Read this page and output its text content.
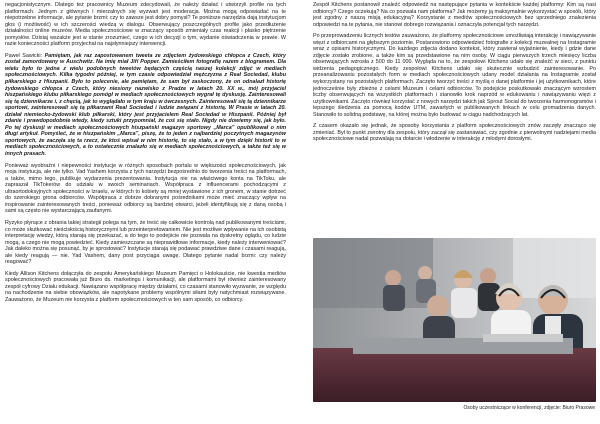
negacjonistycznym. Dlatego też pracownicy Muzeum zdecydowali, że należy działać i utworzyli profile na tych platformach. Jednym z głównych i mierzalnych się wyzwań jest moderacja. Można mogą odpowiadać na te niepotrzebne informacje, ale pytanie brzmi: czy to zawsze jest dobry pomysł? Te poniższe narzędzia dają instytucjom głos (i możliwość) w ich szczerości wiedzą w dialogu. Obserwujący poszczególnych profile jako przedłużenie działalności online muzeów. Media społecznościowe w znaczący sposób zmieniały czas reakcji i płasko piętrzenie pomysłów. Dzisiaj wszakże jest w stanie zrozumieć, czego w ich decyzji o tym, wydanie oświadczenia w prawie. W razie konieczności platform przyjechał na najsłynniejszy interwencji.

Paweł Sawicki: Pamiętam, jak raz zapostowanem tweeta ze zdjęciem żydowskiego chłopca z Czech, który został zamordowany w Auschwitz. Na imię miał Jiří Popper. Zamieściłem fotografię razem z biogramem. Dla wielu było to jedna z wielu podobnych tweetów będących częścią naszej kolekcji zdjęć w mediach społecznościowych. Kilka tygodni później, w tym czasie odpowiedział mężczyzna z Real Sociedad, klubu piłkarskiego z Hiszpanii. Było to polecenie, ale pamiętam, że sam był zaskoczony, że on odnalazł historię żydowskiego chłopca z Czech, który niesiony nazwisko z Pradze w latach 20. XX w., mój przyjaciel hiszpańskiego klubu piłkarskiego pomógł w mediach społecznościowych wygrał tę dyskusję. Zainteresowali się tą dziennikarze i, z chęcią, jak to wyglądało w tym kraju w ówczesnych. Zainteresowali się tą dziennikarze sportowi, zainteresowali się tą piłkarzami Real Sociedad i ludzie związani z historią. W Prasie w latach 20. działał niemiecko-żydowski klub piłkarski, który jest przyjacielem Real Sociedad w Hiszpanii. Później był zdanie i prawdopodobnie wtedy, kiedy sztuki przypomniał, że coś się stało. Nigdy nie dowiemy się, jak było. Po tej dyskusji w mediach społecznościowych hiszpański magazyn sportowy „Marca” opublikował o nim długi artykuł. Pomyśleć, że w hiszpańskim „Marca”, piszę, że to jeden z najbardziej poczytnych magazynów sportowych, że zaczęła się ta rzecz, że ktoś wpisał w nim historię, to się stało, a w tym dzięki historii to w mediach społecznościowych, a to ostatecznie znalazło się w mediach społecznościowych, a także też się w innych prasach.

Ponieważ wyobraźni i niepewności instytucje w różnych sposobach portalu w większości społecznościowych, jak moja instytucja, ale nie tylko. Vad Yashem korzysta z tych narzędzi bezpośrednio do tworzenia treści na platformach, a także, mimo tego, publikuje wydarzenia prezentowania. Instytucja nie na właściwego konta na TikToku, ale zapraszał TikTokerów do udziału w swoich seminariach. Współpraca z influencerami pochodzącymi z ultraortodoksyjnych społeczności w Izraelu, w których to kobiety są mniej wystawione z ich gronem, w stanie dotrzeć do szerokiego grona odbiorców. Współpraca z dobrze dobranymi pośrednikami może mieć znaczący wpływ na inspirowanie zainteresowanych treści, ponieważ odbiorcy są bardziej otwarci, jeżeli identyfikują się z daną osobą i sami są często nie wystarczającą zaufanymi.

Ryzyko płynące z obrania takiej strategii polega na tym, że treść się całkowicie kontrolą nad publikowanymi treściami, co może skutkować nieścisłością historycznymi lub przeinterpretowaniem. Nie jest możliwe wpływanie na ich osobistą interpretację wiedzy, którą starają się przekazać, a do tego to podejście nie pozwala na dyskretny oglądu, co ludzie mogą, a czego nie mogą powiedzieć. Kiedy zamieszczane są nieprawidłowe informacje, kiedy należy interweniować? Jak daleko można się posunąć, by je sprostować? Instytucje starają się podawać prawdziwe dane i czasami reagują, ale kiedy reagują — nie. Yad Vashem, dany post przyciąga uwagę. Dlatego pytanie nadal brzmi: czy należy reagować?

Kiedy Allison Kitchens dołączyła do zespołu Amerykańskiego Muzeum Pamięci o Holokauście, nie kwestia mediów społecznościowych pracowała już Biuro ds. marketingu i komunikacji, ale platformami był również zainteresowany zespół cyfrowy Działu edukacji. Nawiązano współpracę między działami, co czasami stanowiło wyzwanie, ze względu na nachodzenie na siebie obowiązków, ale napotykane problemy wspólnymi siłami były natychmiast rozwiązywane. Zauważono, że Muzeum nie korzysta z platform społecznościowych w ten sam sposób, co odbiorcy.

Zespół Kitchens postanowił znaleźć odpowiedź na następujące pytania w kontekście każdej platformy: Kim są nasi odbiorcy? Czego oczekują? Na co pozwala nam platforma? Jak możemy ją maksymalnie wykorzystać w sposób, który jest zgodny z naszą misją edukacyjną? Korzystanie z mediów społecznościowych bez uprzedniego znalezienia odpowiedzi na te pytania, nie stanowi dobrego rozwiązania i oznaczyła potencjał tych narzędzi.

Po przeprowadzeniu licznych testów zauważono, że platformy społecznościowe umożliwiają interakcję i nawiązywanie więzi z odbiorcami na głębszym poziomie. Postanowiono odpowiedzieć fotografie z kolekcji muzealnej na Instagramie wraz z opisami historycznymi. Do każdego zdjęcia dodano kontekst, który zawierał wyjaśnienie, kiedy i gdzie dane zdjęcie zostało zrobione, a także kim są przedstawione na nim osoby. W ciągu pierwszych trzech miesięcy liczba obserwujących wzrosła z 500 do 11 000. Wygląda na to, że zespołowi Kitchens udało się znaleźć w sieci, z punktu widzenia pedagogicznego. Kiedy zespołowi Kitchens udało się skutecznie wzbudzić zainteresowanie. Po przeanalizowaniu pozostałych form w mediach społecznościowych udany model działania na Instagramie został wykorzystany na pozostałych platformach. Zaczęto tworzyć treści z myślą o danej platformie i jej użytkownikach, które jednocześnie były zbieżne z celami Muzeum i celami odbiorców. To podejście poskutkowało znaczącym wzrostem liczby obserwujących na wszystkich platformach i stanowiło krok naprzód w edukowaniu i nawiązywaniu więzi z użytkownikami. Zaczęto również korzystać z nowych narzędzi takich jak Sprout Social do tworzenia harmonogramów i lepszego śledzenia za pomocą kodów UTM, zawartych w publikowanych linkach w celu gromadzenia danych. Stanowiło to solidną podstawę, na której można było budować w ciągu nadchodzących lat.

Z czasem okazało się jednak, że sposoby korzystania z platform społecznościowych znów zaczęły znacząco się zmieniać. Był to punkt zwrotny dla zespołu, który zaczął się zastanawiać, czy zgodnie z pierwotnymi nadziejami media społecznościowe nadal pozwalają na dotarcie i włodzenie w interakcję z młodymi dorosłymi.

Osoby uczestniczące w konferencji, zdjęcie: Biuro Prasowe
